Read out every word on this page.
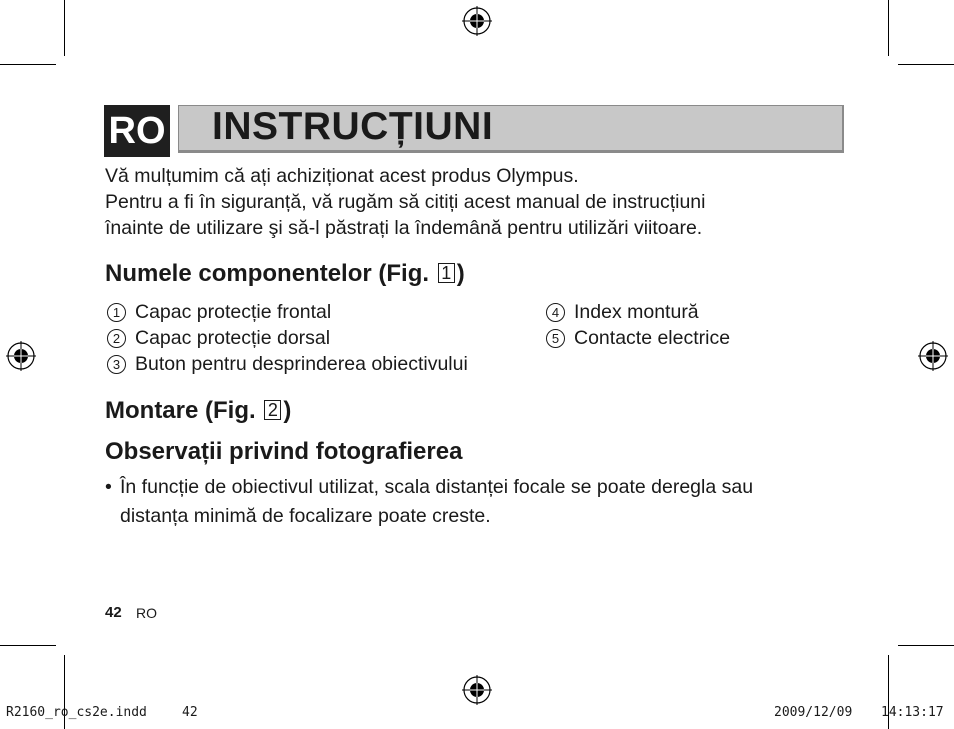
RO INSTRUCȚIUNI
Vă mulțumim că ați achiziționat acest produs Olympus.
Pentru a fi în siguranță, vă rugăm să citiți acest manual de instrucțiuni
înainte de utilizare şi să-l păstrați la îndemână pentru utilizări viitoare.
Numele componentelor (Fig. 1 )
1 Capac protecție frontal
2 Capac protecție dorsal
3 Buton pentru desprinderea obiectivului
4 Index montură
5 Contacte electrice
Montare (Fig. 2 )
Observații privind fotografierea
• În funcție de obiectivul utilizat, scala distanței focale se poate deregla sau
distanța minimă de focalizare poate creste.
42 RO
R2160_ro_cs2e.indd	42	2009/12/09 14:13:17
